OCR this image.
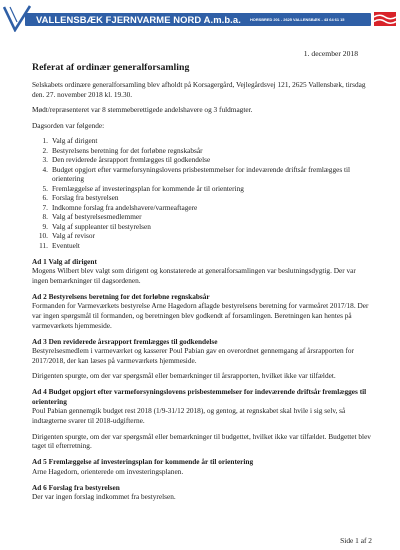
VALLENSBÆK FJERNVARME NORD A.m.b.a. HORSBRED 201 - 2625 VALLENSBÆK - 43 64 61 15
1. december 2018
Referat af ordinær generalforsamling

Selskabets ordinære generalforsamling blev afholdt på Korsagergård, Vejlegårdsvej 121, 2625 Vallensbæk, tirsdag den. 27. november 2018 kl. 19.30.

Mødt/repræsenteret var 8 stemmeberettigede andelshavere og 3 fuldmagter.

Dagsorden var følgende:

1. Valg af dirigent
2. Bestyrelsens beretning for det forløbne regnskabsår
3. Den reviderede årsrapport fremlægges til godkendelse
4. Budget opgjort efter varmeforsyningslovens prisbestemmelser for indeværende driftsår fremlægges til orientering
5. Fremlæggelse af investeringsplan for kommende år til orientering
6. Forslag fra bestyrelsen
7. Indkomne forslag fra andelshavere/varmeaftagere
8. Valg af bestyrelsesmedlemmer
9. Valg af suppleanter til bestyrelsen
10. Valg af revisor
11. Eventuelt
Ad 1 Valg af dirigent

Mogens Wilbert blev valgt som dirigent og konstaterede at generalforsamlingen var beslutningsdygtig. Der var ingen bemærkninger til dagsordenen.

Ad 2 Bestyrelsens beretning for det forløbne regnskabsår

Formanden for Varmeværkets bestyrelse Arne Hagedorn aflagde bestyrelsens beretning for varmeåret 2017/18. Der var ingen spørgsmål til formanden, og beretningen blev godkendt af forsamlingen. Beretningen kan hentes på varmeværkets hjemmeside.

Ad 3 Den reviderede årsrapport fremlægges til godkendelse

Bestyrelsesmedlem i varmeværket og kasserer Poul Pabian gav en overordnet gennemgang af årsrapporten for 2017/2018, der kan læses på varmeværkets hjemmeside.

Dirigenten spurgte, om der var spørgsmål eller bemærkninger til årsrapporten, hvilket ikke var tilfældet.

Ad 4 Budget opgjort efter varmeforsyningslovens prisbestemmelser for indeværende driftsår fremlægges til orientering

Poul Pabian gennemgik budget rest 2018 (1/9-31/12 2018), og gentog, at regnskabet skal hvile i sig selv, så indtægterne svarer til 2018-udgifterne.

Dirigenten spurgte, om der var spørgsmål eller bemærkninger til budgettet, hvilket ikke var tilfældet. Budgettet blev taget til efterretning.

Ad 5 Fremlæggelse af investeringsplan for kommende år til orientering

Arne Hagedorn, orienterede om investeringsplanen.

Ad 6 Forslag fra bestyrelsen

Der var ingen forslag indkommet fra bestyrelsen.

Side 1 af 2
